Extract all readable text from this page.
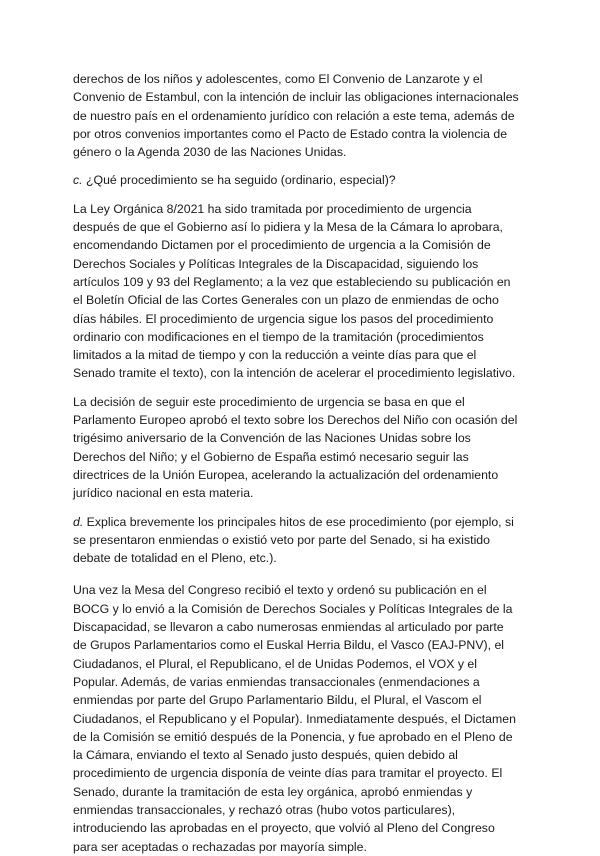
derechos de los niños y adolescentes, como El Convenio de Lanzarote y el Convenio de Estambul, con la intención de incluir las obligaciones internacionales de nuestro país en el ordenamiento jurídico con relación a este tema, además de por otros convenios importantes como el Pacto de Estado contra la violencia de género o la Agenda 2030 de las Naciones Unidas.

c. ¿Qué procedimiento se ha seguido (ordinario, especial)?

La Ley Orgánica 8/2021 ha sido tramitada por procedimiento de urgencia después de que el Gobierno así lo pidiera y la Mesa de la Cámara lo aprobara, encomendando Dictamen por el procedimiento de urgencia a la Comisión de Derechos Sociales y Políticas Integrales de la Discapacidad, siguiendo los artículos 109 y 93 del Reglamento; a la vez que estableciendo su publicación en el Boletín Oficial de las Cortes Generales con un plazo de enmiendas de ocho días hábiles. El procedimiento de urgencia sigue los pasos del procedimiento ordinario con modificaciones en el tiempo de la tramitación (procedimientos limitados a la mitad de tiempo y con la reducción a veinte días para que el Senado tramite el texto), con la intención de acelerar el procedimiento legislativo.

La decisión de seguir este procedimiento de urgencia se basa en que el Parlamento Europeo aprobó el texto sobre los Derechos del Niño con ocasión del trigésimo aniversario de la Convención de las Naciones Unidas sobre los Derechos del Niño; y el Gobierno de España estimó necesario seguir las directrices de la Unión Europea, acelerando la actualización del ordenamiento jurídico nacional en esta materia.

d. Explica brevemente los principales hitos de ese procedimiento (por ejemplo, si se presentaron enmiendas o existió veto por parte del Senado, si ha existido debate de totalidad en el Pleno, etc.).

Una vez la Mesa del Congreso recibió el texto y ordenó su publicación en el BOCG y lo envió a la Comisión de Derechos Sociales y Políticas Integrales de la Discapacidad, se llevaron a cabo numerosas enmiendas al articulado por parte de Grupos Parlamentarios como el Euskal Herria Bildu, el Vasco (EAJ-PNV), el Ciudadanos, el Plural, el Republicano, el de Unidas Podemos, el VOX y el Popular. Además, de varias enmiendas transaccionales (enmendaciones a enmiendas por parte del Grupo Parlamentario Bildu, el Plural, el Vascom el Ciudadanos, el Republicano y el Popular). Inmediatamente después, el Dictamen de la Comisión se emitió después de la Ponencia, y fue aprobado en el Pleno de la Cámara, enviando el texto al Senado justo después, quien debido al procedimiento de urgencia disponía de veinte días para tramitar el proyecto. El Senado, durante la tramitación de esta ley orgánica, aprobó enmiendas y enmiendas transaccionales, y rechazó otras (hubo votos particulares), introduciendo las aprobadas en el proyecto, que volvió al Pleno del Congreso para ser aceptadas o rechazadas por mayoría simple.
